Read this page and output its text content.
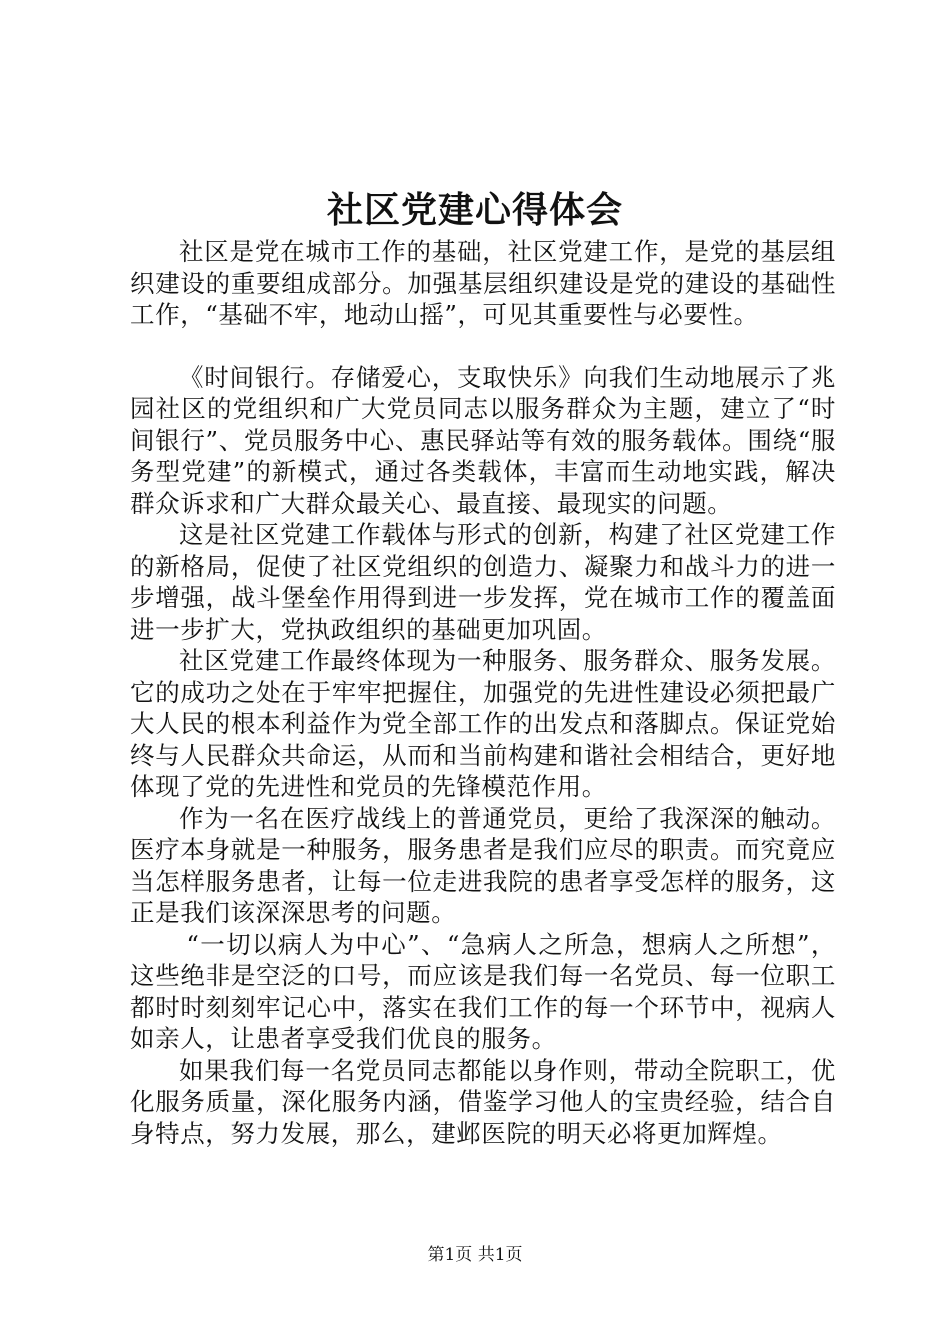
社区党建心得体会

社区是党在城市工作的基础，社区党建工作，是党的基层组织建设的重要组成部分。加强基层组织建设是党的建设的基础性工作，“基础不牢，地动山摇”，可见其重要性与必要性。

《时间银行。存储爱心，支取快乐》向我们生动地展示了兆园社区的党组织和广大党员同志以服务群众为主题，建立了“时间银行”、党员服务中心、惠民驿站等有效的服务载体。围绕“服务型党建”的新模式，通过各类载体，丰富而生动地实践，解决群众诉求和广大群众最关心、最直接、最现实的问题。

这是社区党建工作载体与形式的创新，构建了社区党建工作的新格局，促使了社区党组织的创造力、凝聚力和战斗力的进一步增强，战斗堡垒作用得到进一步发挥，党在城市工作的覆盖面进一步扩大，党执政组织的基础更加巩固。

社区党建工作最终体现为一种服务、服务群众、服务发展。它的成功之处在于牢牢把握住，加强党的先进性建设必须把最广大人民的根本利益作为党全部工作的出发点和落脚点。保证党始终与人民群众共命运，从而和当前构建和谐社会相结合，更好地体现了党的先进性和党员的先锋模范作用。

作为一名在医疗战线上的普通党员，更给了我深深的触动。医疗本身就是一种服务，服务患者是我们应尽的职责。而究竟应当怎样服务患者，让每一位走进我院的患者享受怎样的服务，这正是我们该深深思考的问题。

“一切以病人为中心”、“急病人之所急，想病人之所想”，这些绝非是空泛的口号，而应该是我们每一名党员、每一位职工都时时刻刻牢记心中，落实在我们工作的每一个环节中，视病人如亲人，让患者享受我们优良的服务。

如果我们每一名党员同志都能以身作则，带动全院职工，优化服务质量，深化服务内涵，借鉴学习他人的宝贵经验，结合自身特点，努力发展，那么，建邺医院的明天必将更加辉煌。

第1页 共1页
